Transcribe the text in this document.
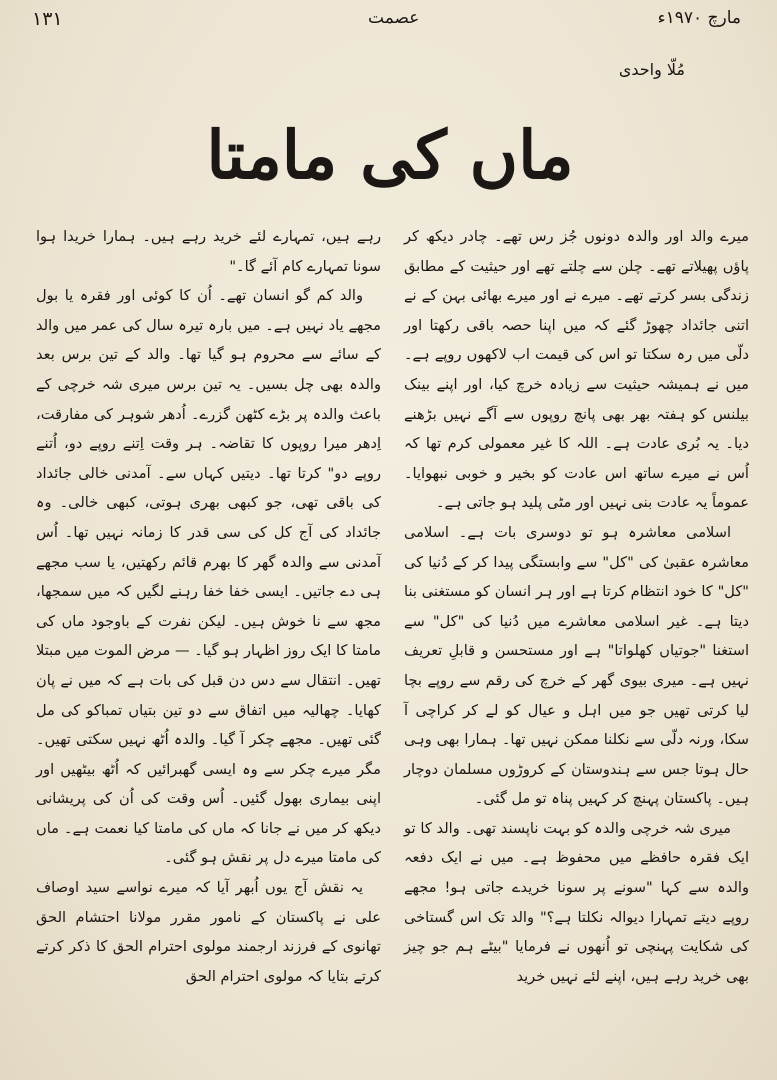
۱۳۱	عصمت	مارچ ۱۹۷۰ء
مُلّا واحدی
ماں کی مامتا

میرے والد اور والدہ دونوں جُز رس تھے۔ چادر دیکھ کر پاؤں پھیلاتے تھے۔ چلن سے چلتے تھے اور حیثیت کے مطابق زندگی بسر کرتے تھے۔ میرے نے اور میرے بھائی بہن کے نے اتنی جائداد چھوڑ گئے کہ میں اپنا حصہ باقی رکھتا اور دلّی میں رہ سکتا تو اس کی قیمت اب لاکھوں روپے ہے۔ میں نے ہمیشہ حیثیت سے زیادہ خرچ کیا، اور اپنے بینک بیلنس کو ہفتہ بھر بھی پانچ روپوں سے آگے نہیں بڑھنے دیا۔ یہ بُری عادت ہے۔ اللہ کا غیر معمولی کرم تھا کہ اُس نے میرے ساتھ اس عادت کو بخیر و خوبی نبھوایا۔ عموماً یہ عادت بنی نہیں اور مٹی پلید ہو جاتی ہے۔

اسلامی معاشرہ ہو تو دوسری بات ہے۔ اسلامی معاشرہ عقبیٰ کی "کل" سے وابستگی پیدا کر کے دُنیا کی "کل" کا خود انتظام کرتا ہے اور ہر انسان کو مستغنی بنا دیتا ہے۔ غیر اسلامی معاشرے میں دُنیا کی "کل" سے استغنا "جوتیاں کھلواتا" ہے اور مستحسن و قابلِ تعریف نہیں ہے۔ میری بیوی گھر کے خرچ کی رقم سے روپے بچا لیا کرتی تھیں جو میں اہل و عیال کو لے کر کراچی آ سکا، ورنہ دلّی سے نکلنا ممکن نہیں تھا۔ ہمارا بھی وہی حال ہوتا جس سے ہندوستان کے کروڑوں مسلمان دوچار ہیں۔ پاکستان پہنچ کر کہیں پناہ تو مل گئی۔

میری شہ خرچی والدہ کو بہت ناپسند تھی۔ والد کا تو ایک فقرہ حافظے میں محفوظ ہے۔ میں نے ایک دفعہ والدہ سے کہا "سونے پر سونا خریدے جاتی ہو! مجھے روپے دیتے تمہارا دیوالہ نکلتا ہے؟" والد تک اس گستاخی کی شکایت پہنچی تو اُنھوں نے فرمایا "بیٹے ہم جو چیز بھی خرید رہے ہیں، اپنے لئے نہیں خرید

رہے ہیں، تمہارے لئے خرید رہے ہیں۔ ہمارا خریدا ہوا سونا تمہارے کام آئے گا۔"

والد کم گو انسان تھے۔ اُن کا کوئی اور فقرہ یا بول مجھے یاد نہیں ہے۔ میں بارہ تیرہ سال کی عمر میں والد کے سائے سے محروم ہو گیا تھا۔ والد کے تین برس بعد والدہ بھی چل بسیں۔ یہ تین برس میری شہ خرچی کے باعث والدہ پر بڑے کٹھن گزرے۔ اُدھر شوہر کی مفارقت، اِدھر میرا روپوں کا تقاضہ۔ ہر وقت اِتنے روپے دو، اُتنے روپے دو" کرتا تھا۔ دیتیں کہاں سے۔ آمدنی خالی جائداد کی باقی تھی، جو کبھی بھری ہوتی، کبھی خالی۔ وہ جائداد کی آج کل کی سی قدر کا زمانہ نہیں تھا۔ اُس آمدنی سے والدہ گھر کا بھرم قائم رکھتیں، یا سب مجھے ہی دے جاتیں۔ ایسی خفا خفا رہنے لگیں کہ میں سمجھا، مجھ سے نا خوش ہیں۔ لیکن نفرت کے باوجود ماں کی مامتا کا ایک روز اظہار ہو گیا۔ — مرض الموت میں مبتلا تھیں۔ انتقال سے دس دن قبل کی بات ہے کہ میں نے پان کھایا۔ چھالیہ میں اتفاق سے دو تین بتیاں تمباکو کی مل گئی تھیں۔ مجھے چکر آ گیا۔ والدہ اُٹھ نہیں سکتی تھیں۔ مگر میرے چکر سے وہ ایسی گھبرائیں کہ اُٹھ بیٹھیں اور اپنی بیماری بھول گئیں۔ اُس وقت کی اُن کی پریشانی دیکھ کر میں نے جانا کہ ماں کی مامتا کیا نعمت ہے۔ ماں کی مامتا میرے دل پر نقش ہو گئی۔

یہ نقش آج یوں اُبھر آیا کہ میرے نواسے سید اوصاف علی نے پاکستان کے نامور مقرر مولانا احتشام الحق تھانوی کے فرزند ارجمند مولوی احترام الحق کا ذکر کرتے کرتے بتایا کہ مولوی احترام الحق
